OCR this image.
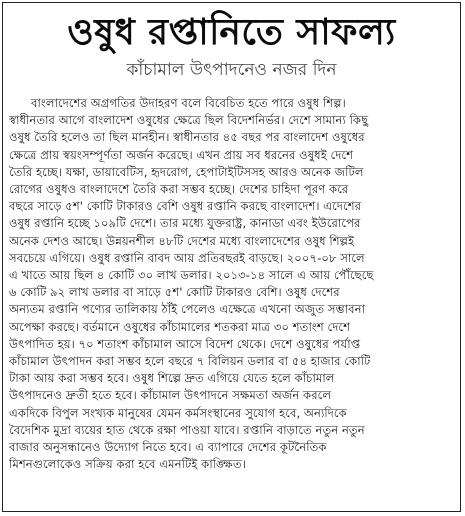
ওষুধ রপ্তানিতে সাফল্য
কাঁচামাল উৎপাদনেও নজর দিন
বাংলাদেশের অগ্রগতির উদাহরণ বলে বিবেচিত হতে পারে ওষুধ শিল্প।
স্বাধীনতার আগে বাংলাদেশ ওষুধের ক্ষেত্রে ছিল বিদেশনির্ভর। দেশে সামান্য কিছু
ওষুধ তৈরি হলেও তা ছিল মানহীন। স্বাধীনতার ৪৫ বছর পর বাংলাদেশ ওষুধের
ক্ষেত্রে প্রায় স্বয়ংসম্পূর্ণতা অর্জন করেছে। এখন প্রায় সব ধরনের ওষুধই দেশে
তৈরি হচ্ছে। যক্ষা, ডায়াবেটিস, হৃদরোগ, হেপাটাইটিসসহ আরও অনেক জটিল
রোগের ওষুধও বাংলাদেশে তৈরি করা সম্ভব হচ্ছে। দেশের চাহিদা পূরণ করে
বছরে সাড়ে ৫শ' কোটি টাকারও বেশি ওষুধ রপ্তানি করছে বাংলাদেশ। এদেশের
ওষুধ রপ্তানি হচ্ছে ১০৯টি দেশে। তার মধ্যে যুক্তরাষ্ট্র, কানাডা এবং ইউরোপের
অনেক দেশও আছে। উন্নয়নশীল ৪৮টি দেশের মধ্যে বাংলাদেশের ওষুধ শিল্পই
সবচেয়ে এগিয়ে। ওষুধ রপ্তানি বাবদ আয় প্রতিবছরই বাড়ছে। ২০০৭-০৮ সালে
এ খাতে আয় ছিল ৪ কোটি ৩০ লাখ ডলার। ২০১৩-১৪ সালে এ আয় পৌঁছেছে
৬ কোটি ৯২ লাখ ডলার বা সাড়ে ৫শ' কোটি টাকারও বেশি। ওষুধ দেশের
অন্যতম রপ্তানি পণ্যের তালিকায় ঠাঁই পেলেও এক্ষেত্রে এখনো অজুত সম্ভাবনা
অপেক্ষা করছে। বর্তমানে ওষুধের কাঁচামালের শতকরা মাত্র ৩০ শতাংশ দেশে
উৎপাদিত হয়। ৭০ শতাংশ কাঁচামাল আসে বিদেশ থেকে। দেশে ওষুধের পর্যাপ্ত
কাঁচামাল উৎপাদন করা সম্ভব হলে বছরে ৭ বিলিয়ন ডলার বা ৫৪ হাজার কোটি
টাকা আয় করা সম্ভব হবে। ওষুধ শিল্পে দ্রুত এগিয়ে যেতে হলে কাঁচামাল
উৎপাদনেও দ্রুতী হতে হবে। কাঁচামাল উৎপাদনে সক্ষমতা অর্জন করলে
একদিকে বিপুল সংখ্যক মানুষের যেমন কর্মসংস্থানের সুযোগ হবে, অন্যদিকে
বৈদেশিক মুদ্রা ব্যয়ের হাত থেকে রক্ষা পাওয়া যাবে। রপ্তানি বাড়াতে নতুন নতুন
বাজার অনুসন্ধানেও উদ্যোগ নিতে হবে। এ ব্যাপারে দেশের কূটনৈতিক
মিশনগুলোকেও সক্রিয় করা হবে এমনটিই কাঙ্ক্ষিত।
